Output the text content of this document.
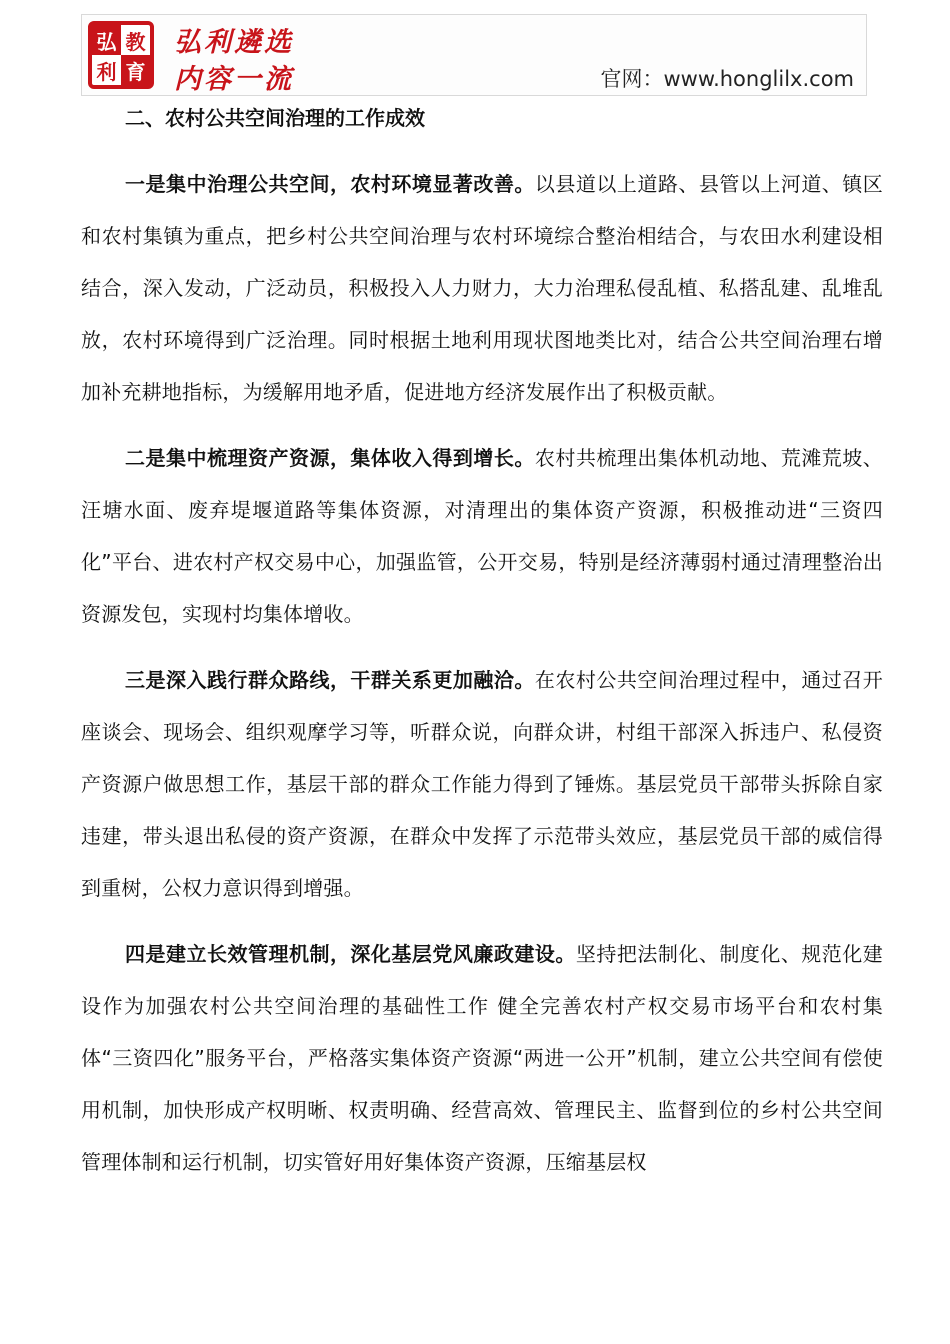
弘 教
利 育
弘利遴选
内容一流	官网：www.honglilx.com
二、农村公共空间治理的工作成效

一是集中治理公共空间，农村环境显著改善。以县道以上道路、县管以上河道、镇区和农村集镇为重点，把乡村公共空间治理与农村环境综合整治相结合，与农田水利建设相结合，深入发动，广泛动员，积极投入人力财力，大力治理私侵乱植、私搭乱建、乱堆乱放，农村环境得到广泛治理。同时根据土地利用现状图地类比对，结合公共空间治理右增加补充耕地指标，为缓解用地矛盾，促进地方经济发展作出了积极贡献。

二是集中梳理资产资源，集体收入得到增长。农村共梳理出集体机动地、荒滩荒坡、汪塘水面、废弃堤堰道路等集体资源，对清理出的集体资产资源，积极推动进“三资四化”平台、进农村产权交易中心，加强监管，公开交易，特别是经济薄弱村通过清理整治出资源发包，实现村均集体增收。

三是深入践行群众路线，干群关系更加融洽。在农村公共空间治理过程中，通过召开座谈会、现场会、组织观摩学习等，听群众说，向群众讲，村组干部深入拆违户、私侵资产资源户做思想工作，基层干部的群众工作能力得到了锤炼。基层党员干部带头拆除自家违建，带头退出私侵的资产资源，在群众中发挥了示范带头效应，基层党员干部的威信得到重树，公权力意识得到增强。

四是建立长效管理机制，深化基层党风廉政建设。坚持把法制化、制度化、规范化建设作为加强农村公共空间治理的基础性工作 健全完善农村产权交易市场平台和农村集体“三资四化”服务平台，严格落实集体资产资源“两进一公开”机制，建立公共空间有偿使用机制，加快形成产权明晰、权责明确、经营高效、管理民主、监督到位的乡村公共空间管理体制和运行机制，切实管好用好集体资产资源，压缩基层权
